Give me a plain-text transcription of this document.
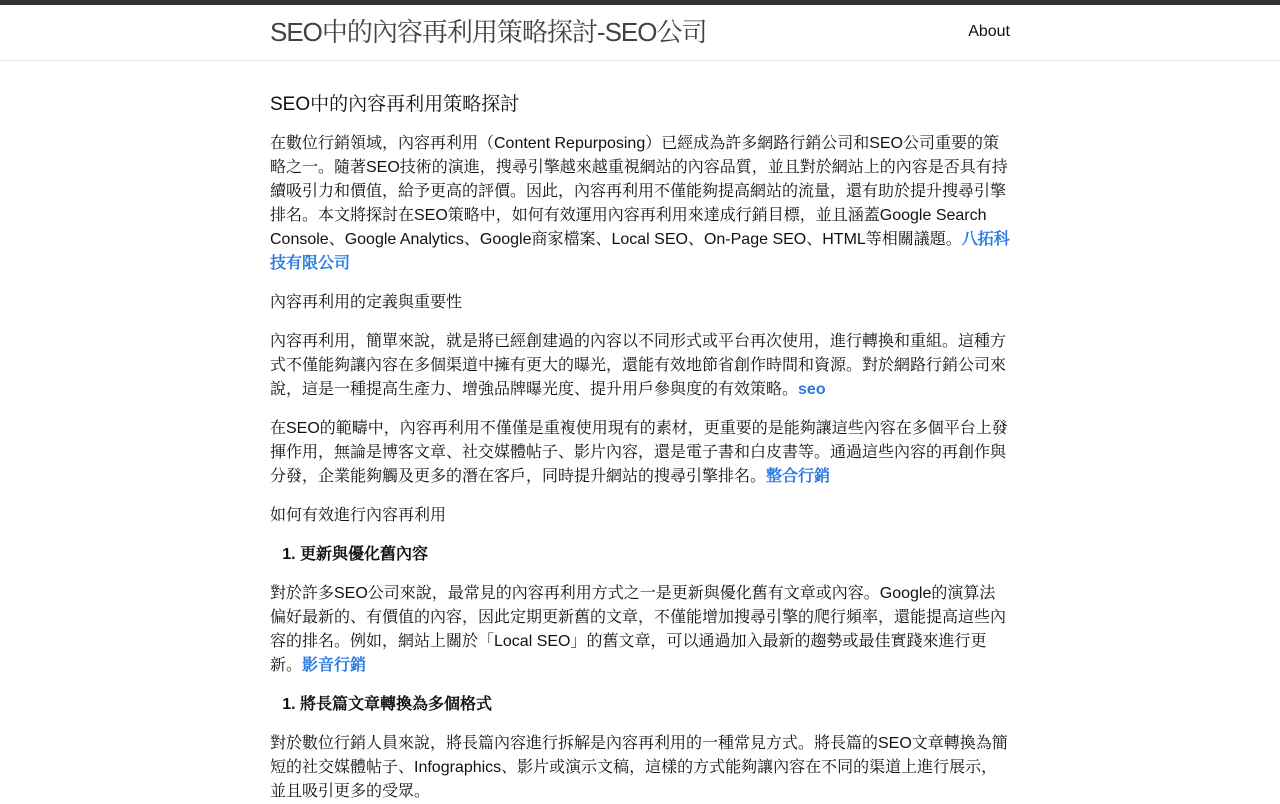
SEO中的內容再利用策略探討-SEO公司	About
SEO中的內容再利用策略探討

在數位行銷領域，內容再利用（Content Repurposing）已經成為許多網路行銷公司和SEO公司重要的策略之一。隨著SEO技術的演進，搜尋引擎越來越重視網站的內容品質，並且對於網站上的內容是否具有持續吸引力和價值，給予更高的評價。因此，內容再利用不僅能夠提高網站的流量，還有助於提升搜尋引擎排名。本文將探討在SEO策略中，如何有效運用內容再利用來達成行銷目標，並且涵蓋Google Search Console、Google Analytics、Google商家檔案、Local SEO、On-Page SEO、HTML等相關議題。八拓科技有限公司

內容再利用的定義與重要性

內容再利用，簡單來說，就是將已經創建過的內容以不同形式或平台再次使用，進行轉換和重組。這種方式不僅能夠讓內容在多個渠道中擁有更大的曝光，還能有效地節省創作時間和資源。對於網路行銷公司來說，這是一種提高生產力、增強品牌曝光度、提升用戶參與度的有效策略。seo

在SEO的範疇中，內容再利用不僅僅是重複使用現有的素材，更重要的是能夠讓這些內容在多個平台上發揮作用，無論是博客文章、社交媒體帖子、影片內容，還是電子書和白皮書等。通過這些內容的再創作與分發，企業能夠觸及更多的潛在客戶，同時提升網站的搜尋引擎排名。整合行銷

如何有效進行內容再利用

1. 更新與優化舊內容

對於許多SEO公司來說，最常見的內容再利用方式之一是更新與優化舊有文章或內容。Google的演算法偏好最新的、有價值的內容，因此定期更新舊的文章，不僅能增加搜尋引擎的爬行頻率，還能提高這些內容的排名。例如，網站上關於「Local SEO」的舊文章，可以通過加入最新的趨勢或最佳實踐來進行更新。影音行銷

1. 將長篇文章轉換為多個格式

對於數位行銷人員來說，將長篇內容進行拆解是內容再利用的一種常見方式。將長篇的SEO文章轉換為簡短的社交媒體帖子、Infographics、影片或演示文稿，這樣的方式能夠讓內容在不同的渠道上進行展示，並且吸引更多的受眾。
